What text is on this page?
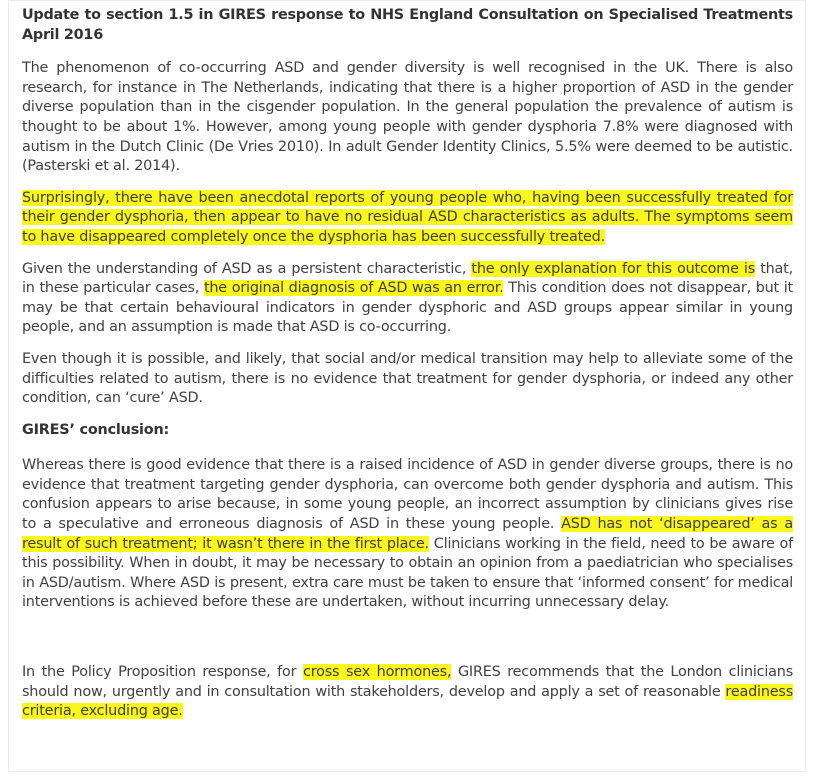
Update to section 1.5 in GIRES response to NHS England Consultation on Specialised Treatments April 2016

The phenomenon of co-occurring ASD and gender diversity is well recognised in the UK. There is also research, for instance in The Netherlands, indicating that there is a higher proportion of ASD in the gender diverse population than in the cisgender population. In the general population the prevalence of autism is thought to be about 1%. However, among young people with gender dysphoria 7.8% were diagnosed with autism in the Dutch Clinic (De Vries 2010). In adult Gender Identity Clinics, 5.5% were deemed to be autistic. (Pasterski et al. 2014).

Surprisingly, there have been anecdotal reports of young people who, having been successfully treated for their gender dysphoria, then appear to have no residual ASD characteristics as adults. The symptoms seem to have disappeared completely once the dysphoria has been successfully treated.

Given the understanding of ASD as a persistent characteristic, the only explanation for this outcome is that, in these particular cases, the original diagnosis of ASD was an error. This condition does not disappear, but it may be that certain behavioural indicators in gender dysphoric and ASD groups appear similar in young people, and an assumption is made that ASD is co-occurring.

Even though it is possible, and likely, that social and/or medical transition may help to alleviate some of the difficulties related to autism, there is no evidence that treatment for gender dysphoria, or indeed any other condition, can ‘cure’ ASD.

GIRES’ conclusion:

Whereas there is good evidence that there is a raised incidence of ASD in gender diverse groups, there is no evidence that treatment targeting gender dysphoria, can overcome both gender dysphoria and autism. This confusion appears to arise because, in some young people, an incorrect assumption by clinicians gives rise to a speculative and erroneous diagnosis of ASD in these young people. ASD has not ‘disappeared’ as a result of such treatment; it wasn’t there in the first place. Clinicians working in the field, need to be aware of this possibility. When in doubt, it may be necessary to obtain an opinion from a paediatrician who specialises in ASD/autism. Where ASD is present, extra care must be taken to ensure that ‘informed consent’ for medical interventions is achieved before these are undertaken, without incurring unnecessary delay.

In the Policy Proposition response, for cross sex hormones, GIRES recommends that the London clinicians should now, urgently and in consultation with stakeholders, develop and apply a set of reasonable readiness criteria, excluding age.
